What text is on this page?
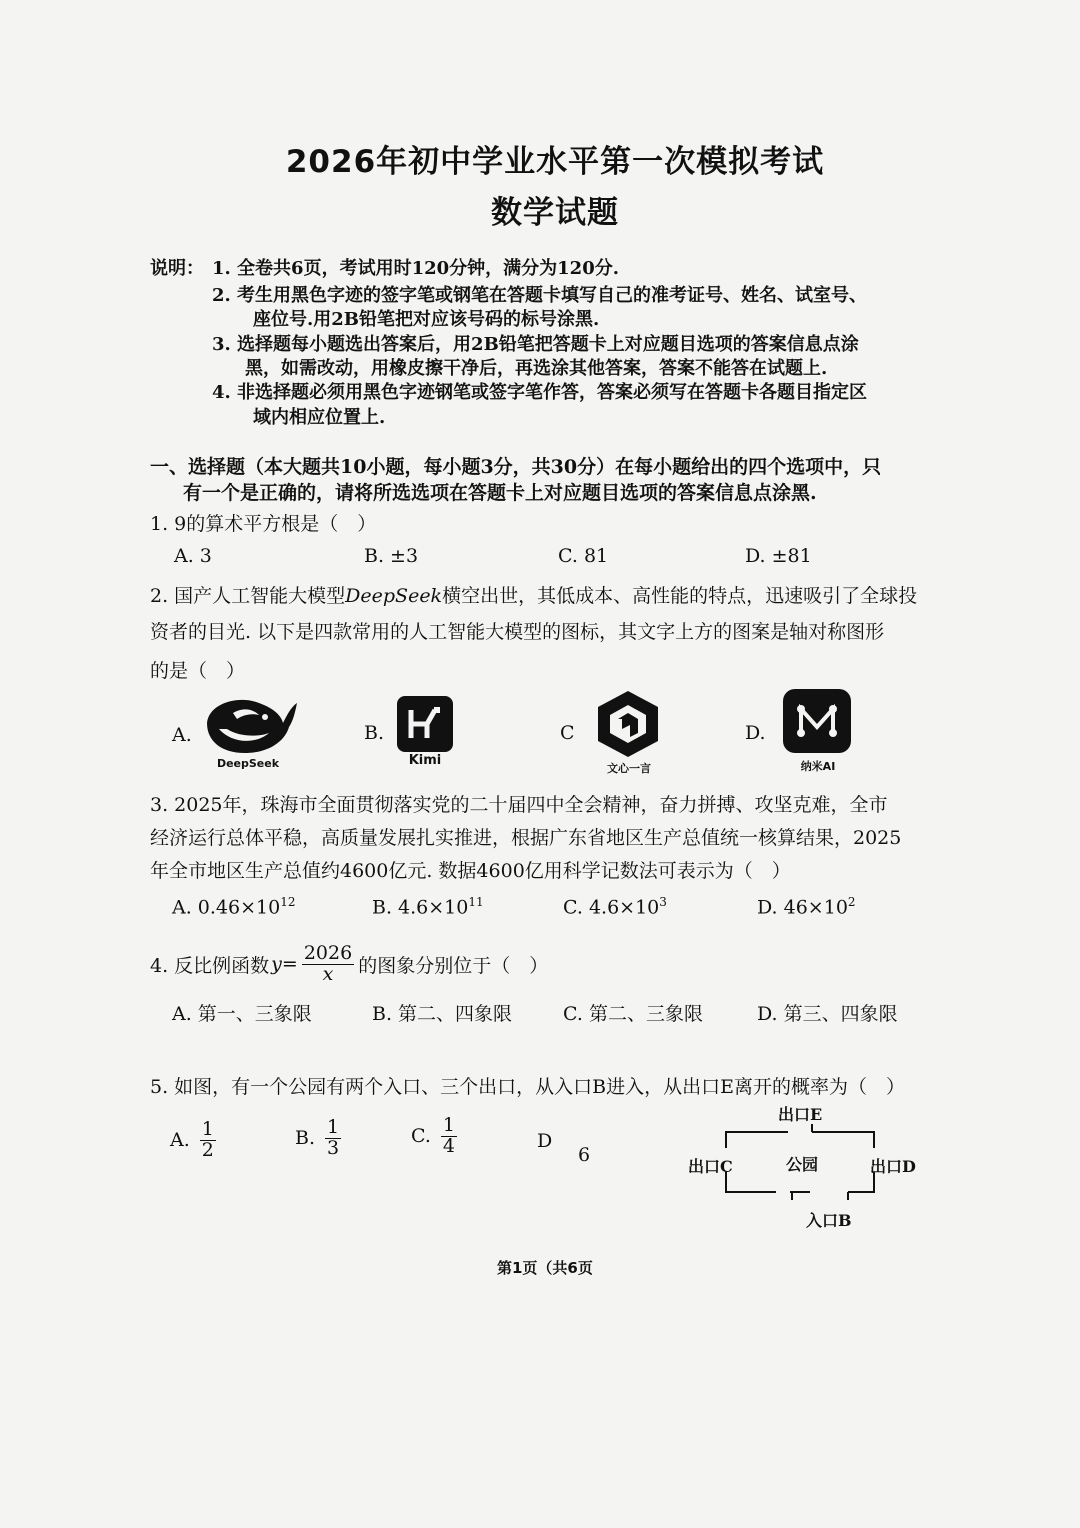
2026年初中学业水平第一次模拟考试
数学试题
说明： 1. 全卷共6页，考试用时120分钟，满分为120分.
2. 考生用黑色字迹的签字笔或钢笔在答题卡填写自己的准考证号、姓名、试室号、
座位号.用2B铅笔把对应该号码的标号涂黑.
3. 选择题每小题选出答案后，用2B铅笔把答题卡上对应题目选项的答案信息点涂
黑，如需改动，用橡皮擦干净后，再选涂其他答案，答案不能答在试题上.
4. 非选择题必须用黑色字迹钢笔或签字笔作答，答案必须写在答题卡各题目指定区
域内相应位置上.
一、选择题（本大题共10小题，每小题3分，共30分）在每小题给出的四个选项中，只
有一个是正确的，请将所选选项在答题卡上对应题目选项的答案信息点涂黑.
1. 9的算术平方根是（　）
A. 3	B. ±3	C. 81	D. ±81
2. 国产人工智能大模型DeepSeek横空出世，其低成本、高性能的特点，迅速吸引了全球投
资者的目光. 以下是四款常用的人工智能大模型的图标，其文字上方的图案是轴对称图形
的是（　）
A.
DeepSeek
B.
Kimi
C
文心一言
D.
纳米AI
3. 2025年，珠海市全面贯彻落实党的二十届四中全会精神，奋力拼搏、攻坚克难，全市
经济运行总体平稳，高质量发展扎实推进，根据广东省地区生产总值统一核算结果，2025
年全市地区生产总值约4600亿元. 数据4600亿用科学记数法可表示为（　）
A. $0.46\times 10^{12}$	B. $4.6\times 10^{11}$	C. $4.6\times 10^3$	D. $46\times 10^2$
4. 反比例函数 $y = \frac{2026}{x}$ 的图象分别位于（　）
A. 第一、三象限	B. 第二、四象限	C. 第二、三象限	D. 第三、四象限
5. 如图，有一个公园有两个入口、三个出口，从入口B进入，从出口E离开的概率为（　）
A. $\frac{1}{2}$	B. $\frac{1}{3}$	C. $\frac{1}{4}$	D
6
出口E
出口C	公园	出口D
入口B
第1页（共6页
